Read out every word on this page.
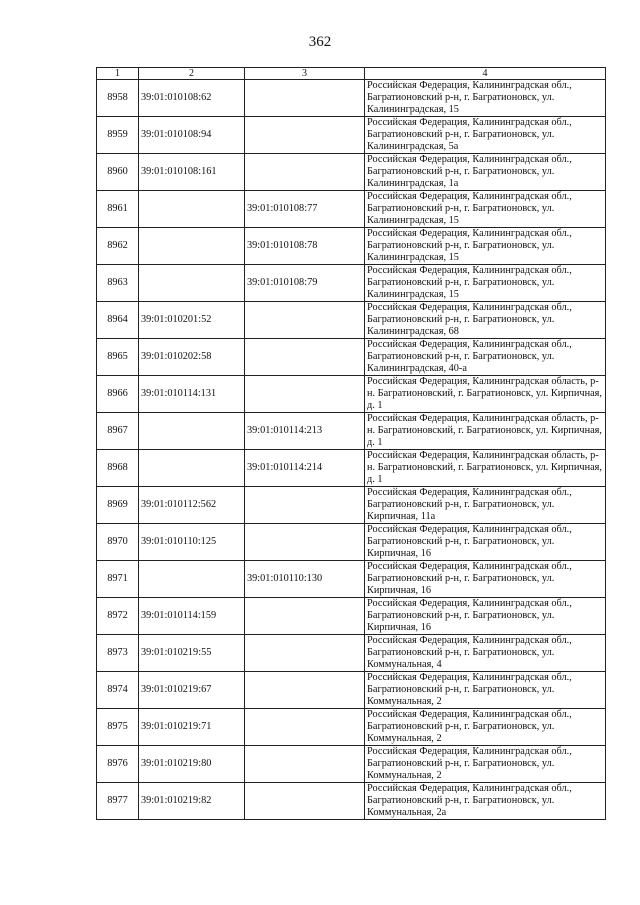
362
1	2	3	4
8958	39:01:010108:62		Российская Федерация, Калининградская обл., Багратионовский р-н, г. Багратионовск, ул. Калининградская, 15
8959	39:01:010108:94		Российская Федерация, Калининградская обл., Багратионовский р-н, г. Багратионовск, ул. Калининградская, 5а
8960	39:01:010108:161		Российская Федерация, Калининградская обл., Багратионовский р-н, г. Багратионовск, ул. Калининградская, 1а
8961		39:01:010108:77	Российская Федерация, Калининградская обл., Багратионовский р-н, г. Багратионовск, ул. Калининградская, 15
8962		39:01:010108:78	Российская Федерация, Калининградская обл., Багратионовский р-н, г. Багратионовск, ул. Калининградская, 15
8963		39:01:010108:79	Российская Федерация, Калининградская обл., Багратионовский р-н, г. Багратионовск, ул. Калининградская, 15
8964	39:01:010201:52		Российская Федерация, Калининградская обл., Багратионовский р-н, г. Багратионовск, ул. Калининградская, 68
8965	39:01:010202:58		Российская Федерация, Калининградская обл., Багратионовский р-н, г. Багратионовск, ул. Калининградская, 40-а
8966	39:01:010114:131		Российская Федерация, Калининградская область, р-н. Багратионовский, г. Багратионовск, ул. Кирпичная, д. 1
8967		39:01:010114:213	Российская Федерация, Калининградская область, р-н. Багратионовский, г. Багратионовск, ул. Кирпичная, д. 1
8968		39:01:010114:214	Российская Федерация, Калининградская область, р-н. Багратионовский, г. Багратионовск, ул. Кирпичная, д. 1
8969	39:01:010112:562		Российская Федерация, Калининградская обл., Багратионовский р-н, г. Багратионовск, ул. Кирпичная, 11а
8970	39:01:010110:125		Российская Федерация, Калининградская обл., Багратионовский р-н, г. Багратионовск, ул. Кирпичная, 16
8971		39:01:010110:130	Российская Федерация, Калининградская обл., Багратионовский р-н, г. Багратионовск, ул. Кирпичная, 16
8972	39:01:010114:159		Российская Федерация, Калининградская обл., Багратионовский р-н, г. Багратионовск, ул. Кирпичная, 16
8973	39:01:010219:55		Российская Федерация, Калининградская обл., Багратионовский р-н, г. Багратионовск, ул. Коммунальная, 4
8974	39:01:010219:67		Российская Федерация, Калининградская обл., Багратионовский р-н, г. Багратионовск, ул. Коммунальная, 2
8975	39:01:010219:71		Российская Федерация, Калининградская обл., Багратионовский р-н, г. Багратионовск, ул. Коммунальная, 2
8976	39:01:010219:80		Российская Федерация, Калининградская обл., Багратионовский р-н, г. Багратионовск, ул. Коммунальная, 2
8977	39:01:010219:82		Российская Федерация, Калининградская обл., Багратионовский р-н, г. Багратионовск, ул. Коммунальная, 2а
